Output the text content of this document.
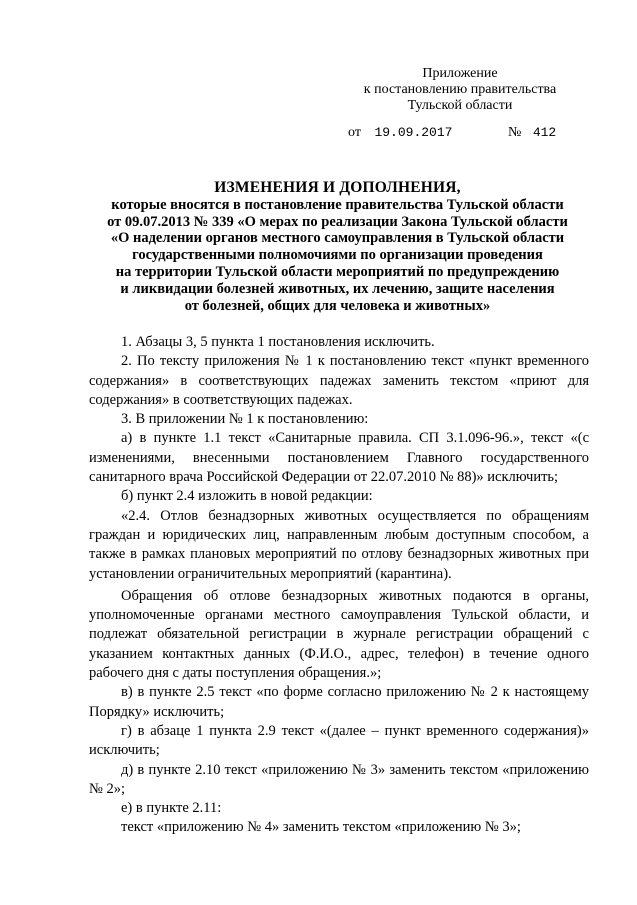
Приложение
к постановлению правительства
Тульской области
от 19.09.2017	№ 412
ИЗМЕНЕНИЯ И ДОПОЛНЕНИЯ,
которые вносятся в постановление правительства Тульской области
от 09.07.2013 № 339 «О мерах по реализации Закона Тульской области
«О наделении органов местного самоуправления в Тульской области
государственными полномочиями по организации проведения
на территории Тульской области мероприятий по предупреждению
и ликвидации болезней животных, их лечению, защите населения
от болезней, общих для человека и животных»

1. Абзацы 3, 5 пункта 1 постановления исключить.

2. По тексту приложения № 1 к постановлению текст «пункт временного содержания» в соответствующих падежах заменить текстом «приют для содержания» в соответствующих падежах.

3. В приложении № 1 к постановлению:

а) в пункте 1.1 текст «Санитарные правила. СП 3.1.096-96.», текст «(с изменениями, внесенными постановлением Главного государственного санитарного врача Российской Федерации от 22.07.2010 № 88)» исключить;

б) пункт 2.4 изложить в новой редакции:

«2.4. Отлов безнадзорных животных осуществляется по обращениям граждан и юридических лиц, направленным любым доступным способом, а также в рамках плановых мероприятий по отлову безнадзорных животных при установлении ограничительных мероприятий (карантина).

Обращения об отлове безнадзорных животных подаются в органы, уполномоченные органами местного самоуправления Тульской области, и подлежат обязательной регистрации в журнале регистрации обращений с указанием контактных данных (Ф.И.О., адрес, телефон) в течение одного рабочего дня с даты поступления обращения.»;

в) в пункте 2.5 текст «по форме согласно приложению № 2 к настоящему Порядку» исключить;

г) в абзаце 1 пункта 2.9 текст «(далее – пункт временного содержания)» исключить;

д) в пункте 2.10 текст «приложению № 3» заменить текстом «приложению № 2»;

е) в пункте 2.11:

текст «приложению № 4» заменить текстом «приложению № 3»;
